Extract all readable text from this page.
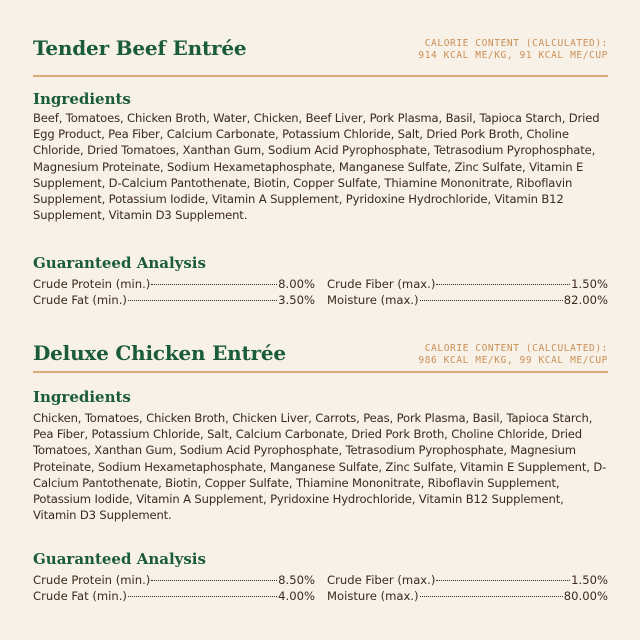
Tender Beef Entrée	CALORIE CONTENT (CALCULATED):
914 KCAL ME/KG, 91 KCAL ME/CUP
Ingredients
Beef, Tomatoes, Chicken Broth, Water, Chicken, Beef Liver, Pork Plasma, Basil, Tapioca Starch, Dried Egg Product, Pea Fiber, Calcium Carbonate, Potassium Chloride, Salt, Dried Pork Broth, Choline Chloride, Dried Tomatoes, Xanthan Gum, Sodium Acid Pyrophosphate, Tetrasodium Pyrophosphate, Magnesium Proteinate, Sodium Hexametaphosphate, Manganese Sulfate, Zinc Sulfate, Vitamin E Supplement, D-Calcium Pantothenate, Biotin, Copper Sulfate, Thiamine Mononitrate, Riboflavin Supplement, Potassium Iodide, Vitamin A Supplement, Pyridoxine Hydrochloride, Vitamin B12 Supplement, Vitamin D3 Supplement.
Guaranteed Analysis
Crude Protein (min.)	8.00% Crude Fiber (max.)	1.50%
Crude Fat (min.)	3.50% Moisture (max.)	82.00%
Deluxe Chicken Entrée	CALORIE CONTENT (CALCULATED):
986 KCAL ME/KG, 99 KCAL ME/CUP
Ingredients
Chicken, Tomatoes, Chicken Broth, Chicken Liver, Carrots, Peas, Pork Plasma, Basil, Tapioca Starch, Pea Fiber, Potassium Chloride, Salt, Calcium Carbonate, Dried Pork Broth, Choline Chloride, Dried Tomatoes, Xanthan Gum, Sodium Acid Pyrophosphate, Tetrasodium Pyrophosphate, Magnesium Proteinate, Sodium Hexametaphosphate, Manganese Sulfate, Zinc Sulfate, Vitamin E Supplement, D-Calcium Pantothenate, Biotin, Copper Sulfate, Thiamine Mononitrate, Riboflavin Supplement, Potassium Iodide, Vitamin A Supplement, Pyridoxine Hydrochloride, Vitamin B12 Supplement, Vitamin D3 Supplement.
Guaranteed Analysis
Crude Protein (min.)	8.50% Crude Fiber (max.)	1.50%
Crude Fat (min.)	4.00% Moisture (max.)	80.00%
